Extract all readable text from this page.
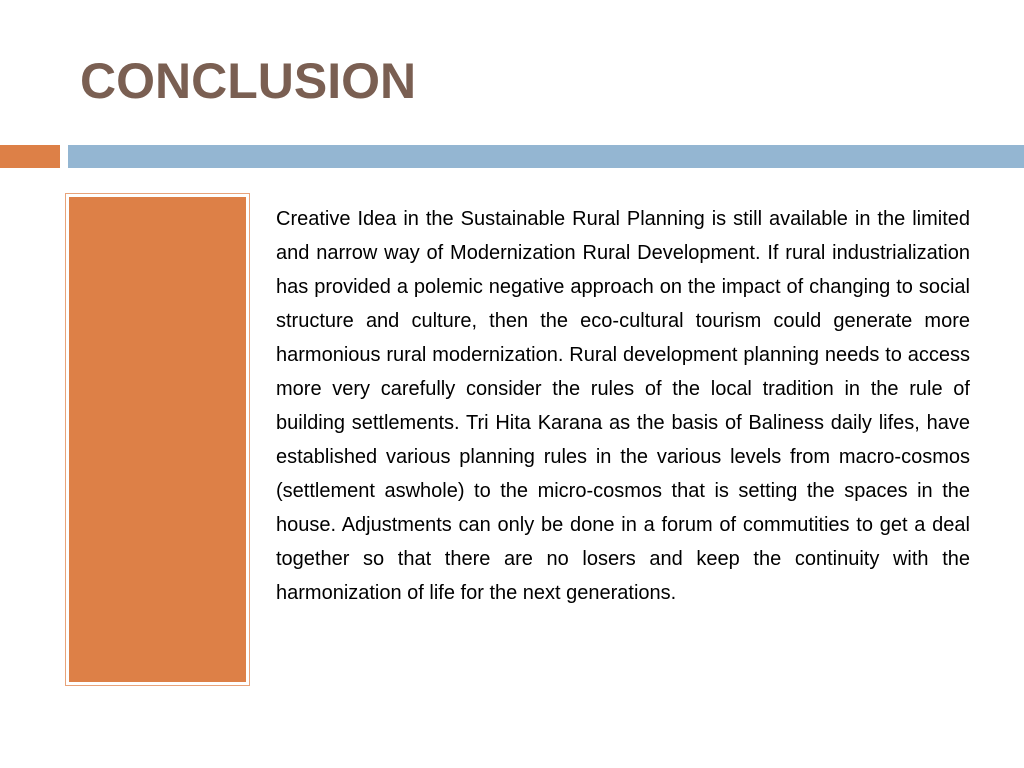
CONCLUSION

Creative Idea in the Sustainable Rural Planning is still available in the limited and narrow way of Modernization Rural Development. If rural industrialization has provided a polemic negative approach on the impact of changing to social structure and culture, then the eco-cultural tourism could generate more harmonious rural modernization. Rural development planning needs to access more very carefully consider the rules of the local tradition in the rule of building settlements. Tri Hita Karana as the basis of Baliness daily lifes, have established various planning rules in the various levels from macro-cosmos (settlement aswhole) to the micro-cosmos that is setting the spaces in the house. Adjustments can only be done in a forum of commutities to get a deal together so that there are no losers and keep the continuity with the harmonization of life for the next generations.
